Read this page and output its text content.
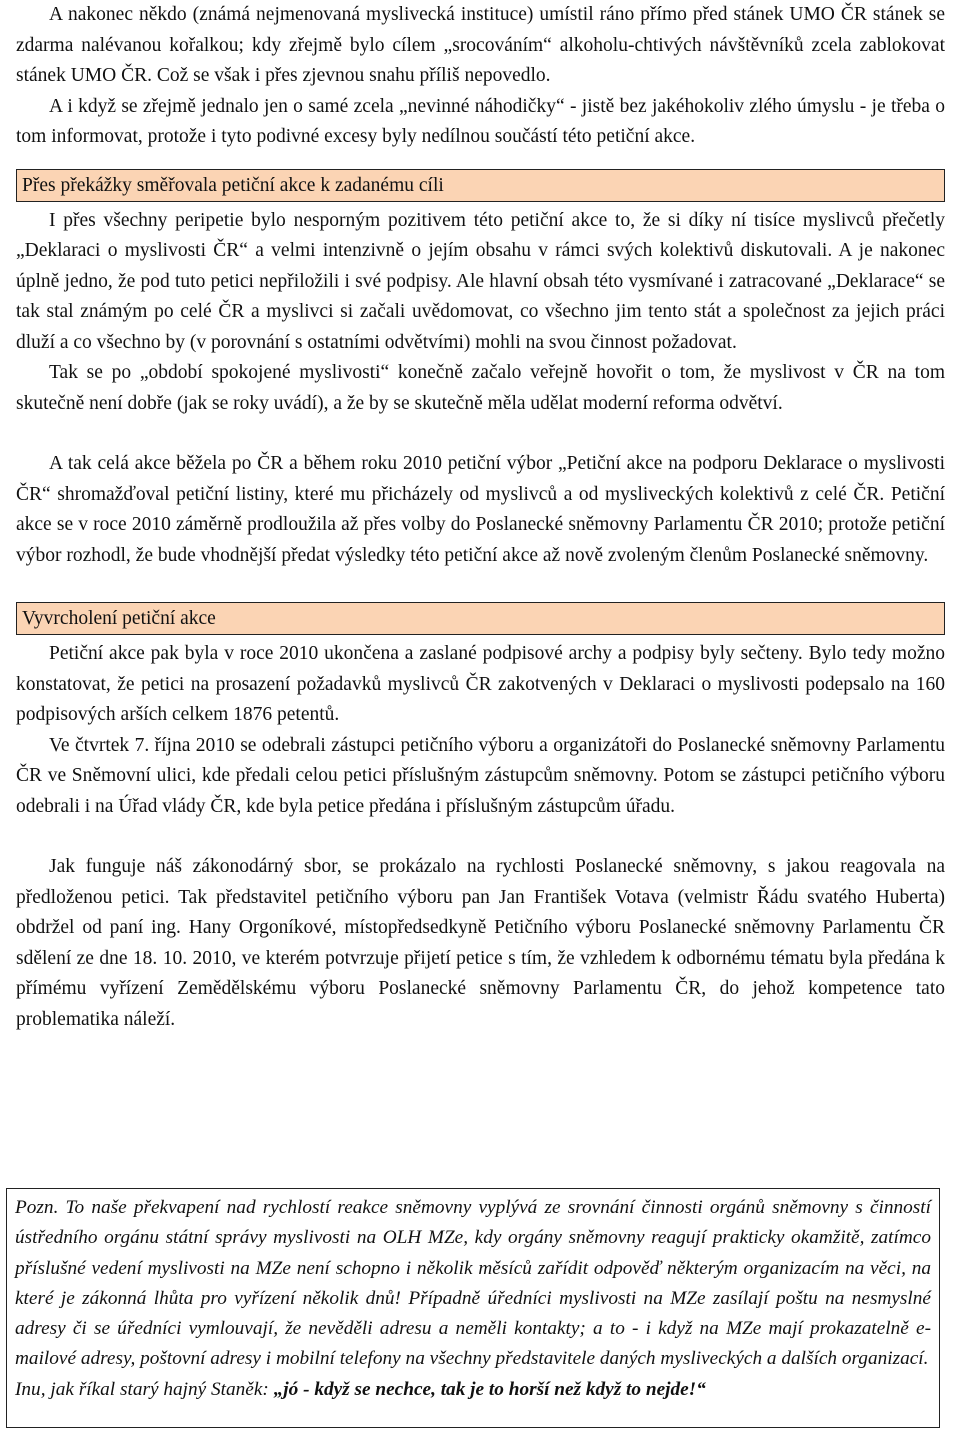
A nakonec někdo (známá nejmenovaná myslivecká instituce) umístil ráno přímo před stánek UMO ČR stánek se zdarma nalévanou kořalkou; kdy zřejmě bylo cílem „srocováním“ alkoholu-chtivých návštěvníků zcela zablokovat stánek UMO ČR. Což se však i přes zjevnou snahu příliš nepovedlo.

A i když se zřejmě jednalo jen o samé zcela „nevinné náhodičky“ - jistě bez jakéhokoliv zlého úmyslu - je třeba o tom informovat, protože i tyto podivné excesy byly nedílnou součástí této petiční akce.

Přes překážky směřovala petiční akce k zadanému cíli

I přes všechny peripetie bylo nesporným pozitivem této petiční akce to, že si díky ní tisíce myslivců přečetly „Deklaraci o myslivosti ČR“ a velmi intenzivně o jejím obsahu v rámci svých kolektivů diskutovali. A je nakonec úplně jedno, že pod tuto petici nepřiložili i své podpisy. Ale hlavní obsah této vysmívané i zatracované „Deklarace“ se tak stal známým po celé ČR a myslivci si začali uvědomovat, co všechno jim tento stát a společnost za jejich práci dluží a co všechno by (v porovnání s ostatními odvětvími) mohli na svou činnost požadovat.

Tak se po „období spokojené myslivosti“ konečně začalo veřejně hovořit o tom, že myslivost v ČR na tom skutečně není dobře (jak se roky uvádí), a že by se skutečně měla udělat moderní reforma odvětví.

A tak celá akce běžela po ČR a během roku 2010 petiční výbor „Petiční akce na podporu Deklarace o myslivosti ČR“ shromažďoval petiční listiny, které mu přicházely od myslivců a od mysliveckých kolektivů z celé ČR. Petiční akce se v roce 2010 záměrně prodloužila až přes volby do Poslanecké sněmovny Parlamentu ČR 2010; protože petiční výbor rozhodl, že bude vhodnější předat výsledky této petiční akce až nově zvoleným členům Poslanecké sněmovny.

Vyvrcholení petiční akce

Petiční akce pak byla v roce 2010 ukončena a zaslané podpisové archy a podpisy byly sečteny. Bylo tedy možno konstatovat, že petici na prosazení požadavků myslivců ČR zakotvených v Deklaraci o myslivosti podepsalo na 160 podpisových arších celkem 1876 petentů.

Ve čtvrtek 7. října 2010 se odebrali zástupci petičního výboru a organizátoři do Poslanecké sněmovny Parlamentu ČR ve Sněmovní ulici, kde předali celou petici příslušným zástupcům sněmovny. Potom se zástupci petičního výboru odebrali i na Úřad vlády ČR, kde byla petice předána i příslušným zástupcům úřadu.

Jak funguje náš zákonodárný sbor, se prokázalo na rychlosti Poslanecké sněmovny, s jakou reagovala na předloženou petici. Tak představitel petičního výboru pan Jan František Votava (velmistr Řádu svatého Huberta) obdržel od paní ing. Hany Orgoníkové, místopředsedkyně Petičního výboru Poslanecké sněmovny Parlamentu ČR sdělení ze dne 18. 10. 2010, ve kterém potvrzuje přijetí petice s tím, že vzhledem k odbornému tématu byla předána k přímému vyřízení Zemědělskému výboru Poslanecké sněmovny Parlamentu ČR, do jehož kompetence tato problematika náleží.

Pozn. To naše překvapení nad rychlostí reakce sněmovny vyplývá ze srovnání činnosti orgánů sněmovny s činností ústředního orgánu státní správy myslivosti na OLH MZe, kdy orgány sněmovny reagují prakticky okamžitě, zatímco příslušné vedení myslivosti na MZe není schopno i několik měsíců zařídit odpověď některým organizacím na věci, na které je zákonná lhůta pro vyřízení několik dnů! Případně úředníci myslivosti na MZe zasílají poštu na nesmyslné adresy či se úředníci vymlouvají, že nevěděli adresu a neměli kontakty; a to - i když na MZe mají prokazatelně e-mailové adresy, poštovní adresy i mobilní telefony na všechny představitele daných mysliveckých a dalších organizací.

Inu, jak říkal starý hajný Staněk: „jó - když se nechce, tak je to horší než když to nejde!“
